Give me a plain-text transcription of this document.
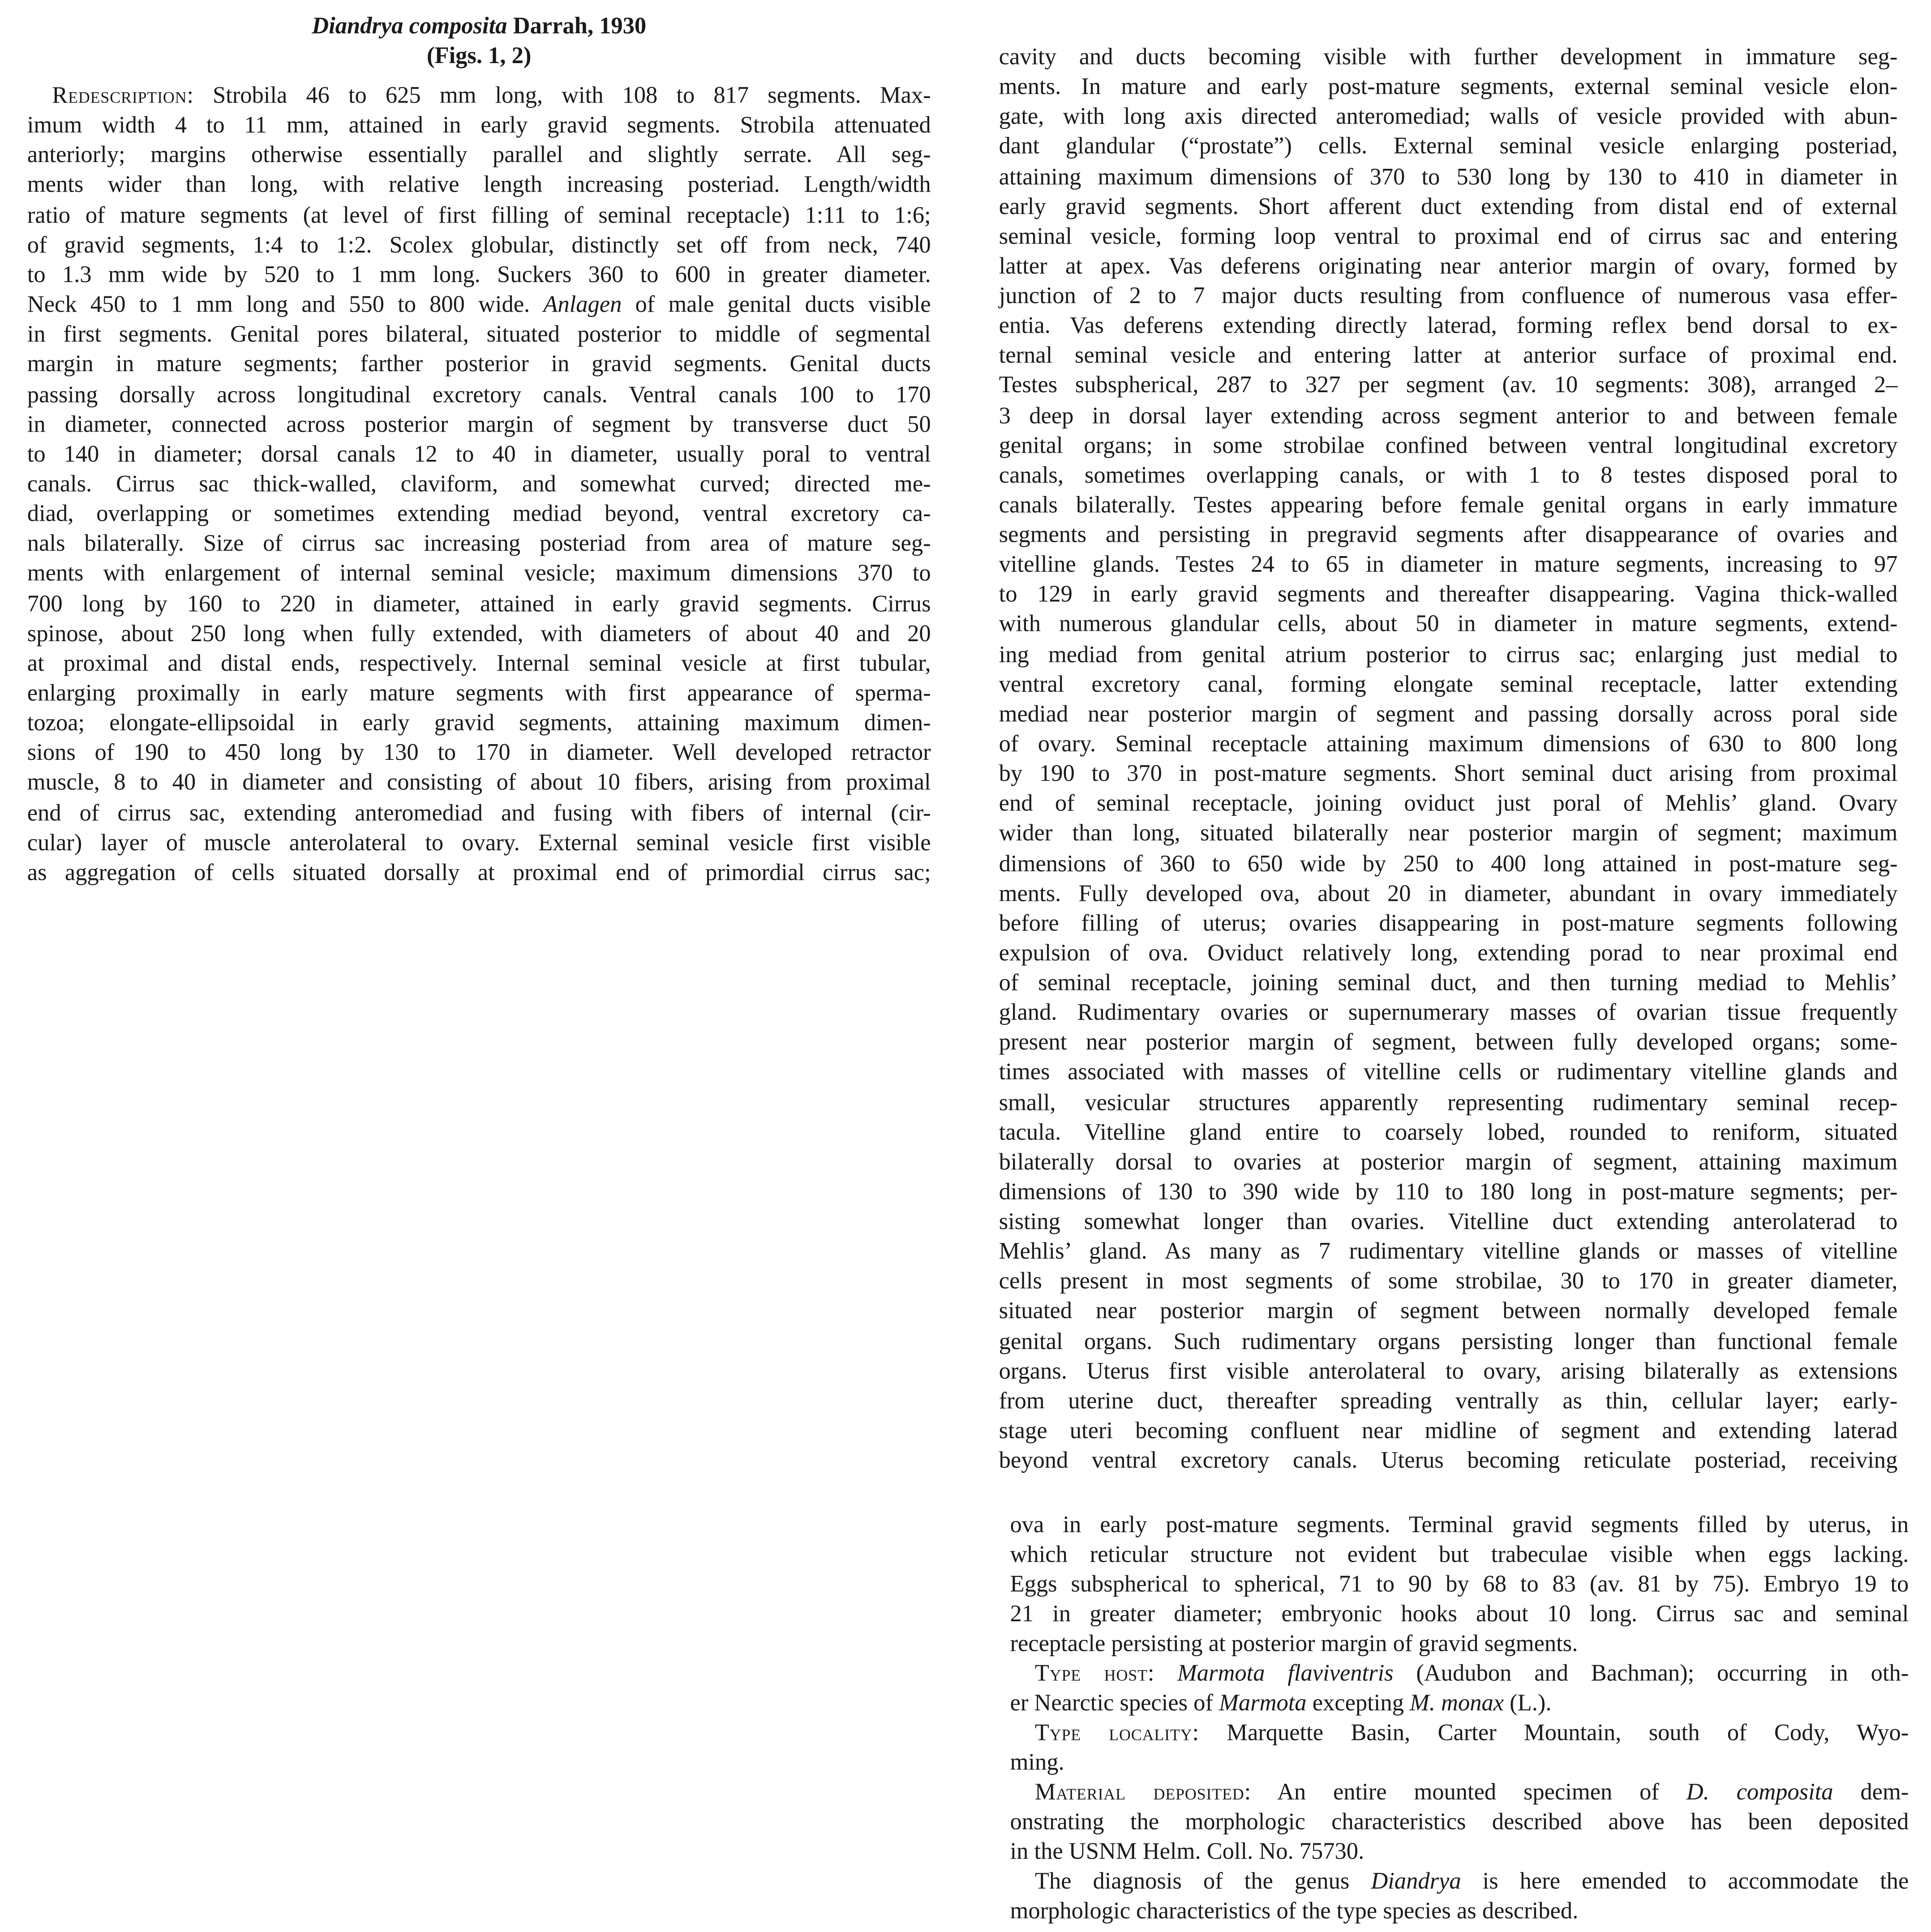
Diandrya composita Darrah, 1930
(Figs. 1, 2)
Redescription: Strobila 46 to 625 mm long, with 108 to 817 segments. Max-
imum width 4 to 11 mm, attained in early gravid segments. Strobila attenuated
anteriorly; margins otherwise essentially parallel and slightly serrate. All seg-
ments wider than long, with relative length increasing posteriad. Length/width
ratio of mature segments (at level of first filling of seminal receptacle) 1:11 to 1:6;
of gravid segments, 1:4 to 1:2. Scolex globular, distinctly set off from neck, 740
to 1.3 mm wide by 520 to 1 mm long. Suckers 360 to 600 in greater diameter.
Neck 450 to 1 mm long and 550 to 800 wide. Anlagen of male genital ducts visible
in first segments. Genital pores bilateral, situated posterior to middle of segmental
margin in mature segments; farther posterior in gravid segments. Genital ducts
passing dorsally across longitudinal excretory canals. Ventral canals 100 to 170
in diameter, connected across posterior margin of segment by transverse duct 50
to 140 in diameter; dorsal canals 12 to 40 in diameter, usually poral to ventral
canals. Cirrus sac thick-walled, claviform, and somewhat curved; directed me-
diad, overlapping or sometimes extending mediad beyond, ventral excretory ca-
nals bilaterally. Size of cirrus sac increasing posteriad from area of mature seg-
ments with enlargement of internal seminal vesicle; maximum dimensions 370 to
700 long by 160 to 220 in diameter, attained in early gravid segments. Cirrus
spinose, about 250 long when fully extended, with diameters of about 40 and 20
at proximal and distal ends, respectively. Internal seminal vesicle at first tubular,
enlarging proximally in early mature segments with first appearance of sperma-
tozoa; elongate-ellipsoidal in early gravid segments, attaining maximum dimen-
sions of 190 to 450 long by 130 to 170 in diameter. Well developed retractor
muscle, 8 to 40 in diameter and consisting of about 10 fibers, arising from proximal
end of cirrus sac, extending anteromediad and fusing with fibers of internal (cir-
cular) layer of muscle anterolateral to ovary. External seminal vesicle first visible
as aggregation of cells situated dorsally at proximal end of primordial cirrus sac;
cavity and ducts becoming visible with further development in immature seg-
ments. In mature and early post-mature segments, external seminal vesicle elon-
gate, with long axis directed anteromediad; walls of vesicle provided with abun-
dant glandular (“prostate”) cells. External seminal vesicle enlarging posteriad,
attaining maximum dimensions of 370 to 530 long by 130 to 410 in diameter in
early gravid segments. Short afferent duct extending from distal end of external
seminal vesicle, forming loop ventral to proximal end of cirrus sac and entering
latter at apex. Vas deferens originating near anterior margin of ovary, formed by
junction of 2 to 7 major ducts resulting from confluence of numerous vasa effer-
entia. Vas deferens extending directly laterad, forming reflex bend dorsal to ex-
ternal seminal vesicle and entering latter at anterior surface of proximal end.
Testes subspherical, 287 to 327 per segment (av. 10 segments: 308), arranged 2–
3 deep in dorsal layer extending across segment anterior to and between female
genital organs; in some strobilae confined between ventral longitudinal excretory
canals, sometimes overlapping canals, or with 1 to 8 testes disposed poral to
canals bilaterally. Testes appearing before female genital organs in early immature
segments and persisting in pregravid segments after disappearance of ovaries and
vitelline glands. Testes 24 to 65 in diameter in mature segments, increasing to 97
to 129 in early gravid segments and thereafter disappearing. Vagina thick-walled
with numerous glandular cells, about 50 in diameter in mature segments, extend-
ing mediad from genital atrium posterior to cirrus sac; enlarging just medial to
ventral excretory canal, forming elongate seminal receptacle, latter extending
mediad near posterior margin of segment and passing dorsally across poral side
of ovary. Seminal receptacle attaining maximum dimensions of 630 to 800 long
by 190 to 370 in post-mature segments. Short seminal duct arising from proximal
end of seminal receptacle, joining oviduct just poral of Mehlis’ gland. Ovary
wider than long, situated bilaterally near posterior margin of segment; maximum
dimensions of 360 to 650 wide by 250 to 400 long attained in post-mature seg-
ments. Fully developed ova, about 20 in diameter, abundant in ovary immediately
before filling of uterus; ovaries disappearing in post-mature segments following
expulsion of ova. Oviduct relatively long, extending porad to near proximal end
of seminal receptacle, joining seminal duct, and then turning mediad to Mehlis’
gland. Rudimentary ovaries or supernumerary masses of ovarian tissue frequently
present near posterior margin of segment, between fully developed organs; some-
times associated with masses of vitelline cells or rudimentary vitelline glands and
small, vesicular structures apparently representing rudimentary seminal recep-
tacula. Vitelline gland entire to coarsely lobed, rounded to reniform, situated
bilaterally dorsal to ovaries at posterior margin of segment, attaining maximum
dimensions of 130 to 390 wide by 110 to 180 long in post-mature segments; per-
sisting somewhat longer than ovaries. Vitelline duct extending anterolaterad to
Mehlis’ gland. As many as 7 rudimentary vitelline glands or masses of vitelline
cells present in most segments of some strobilae, 30 to 170 in greater diameter,
situated near posterior margin of segment between normally developed female
genital organs. Such rudimentary organs persisting longer than functional female
organs. Uterus first visible anterolateral to ovary, arising bilaterally as extensions
from uterine duct, thereafter spreading ventrally as thin, cellular layer; early-
stage uteri becoming confluent near midline of segment and extending laterad
beyond ventral excretory canals. Uterus becoming reticulate posteriad, receiving
ova in early post-mature segments. Terminal gravid segments filled by uterus, in
which reticular structure not evident but trabeculae visible when eggs lacking.
Eggs subspherical to spherical, 71 to 90 by 68 to 83 (av. 81 by 75). Embryo 19 to
21 in greater diameter; embryonic hooks about 10 long. Cirrus sac and seminal
receptacle persisting at posterior margin of gravid segments.
Type host:	Marmota flaviventris (Audubon and Bachman); occurring in oth-
er Nearctic species of Marmota excepting M. monax (L.).
Type locality: Marquette Basin, Carter Mountain, south of Cody, Wyo-
ming.
Material deposited: An entire mounted specimen of D. composita dem-
onstrating the morphologic characteristics described above has been deposited
in the USNM Helm. Coll. No. 75730.
The diagnosis of the genus Diandrya is here emended to accommodate the
morphologic characteristics of the type species as described.
